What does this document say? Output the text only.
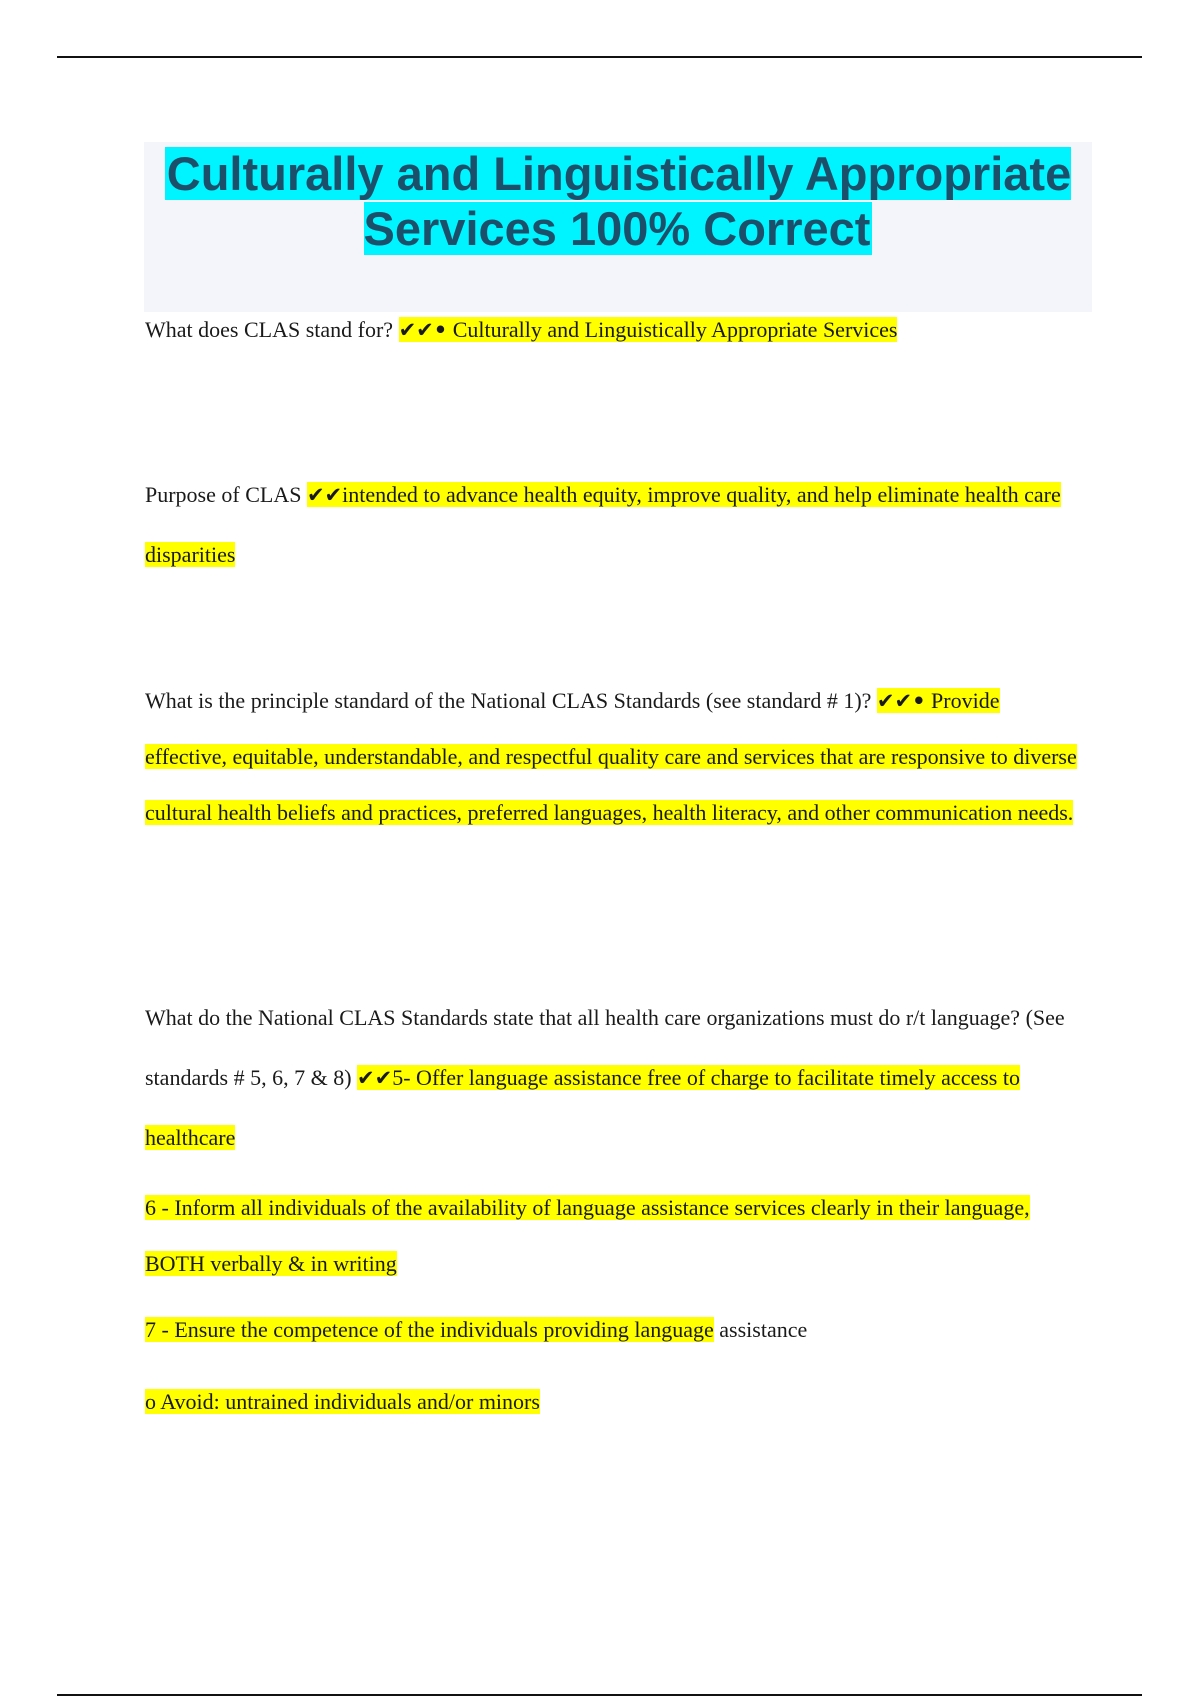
Culturally and Linguistically Appropriate Services 100% Correct

What does CLAS stand for? ✔✔• Culturally and Linguistically Appropriate Services

Purpose of CLAS ✔✔intended to advance health equity, improve quality, and help eliminate health care disparities

What is the principle standard of the National CLAS Standards (see standard # 1)? ✔✔• Provide effective, equitable, understandable, and respectful quality care and services that are responsive to diverse cultural health beliefs and practices, preferred languages, health literacy, and other communication needs.

What do the National CLAS Standards state that all health care organizations must do r/t language? (See standards # 5, 6, 7 & 8) ✔✔5- Offer language assistance free of charge to facilitate timely access to healthcare

6 - Inform all individuals of the availability of language assistance services clearly in their language, BOTH verbally & in writing

7 - Ensure the competence of the individuals providing language assistance

o Avoid: untrained individuals and/or minors
